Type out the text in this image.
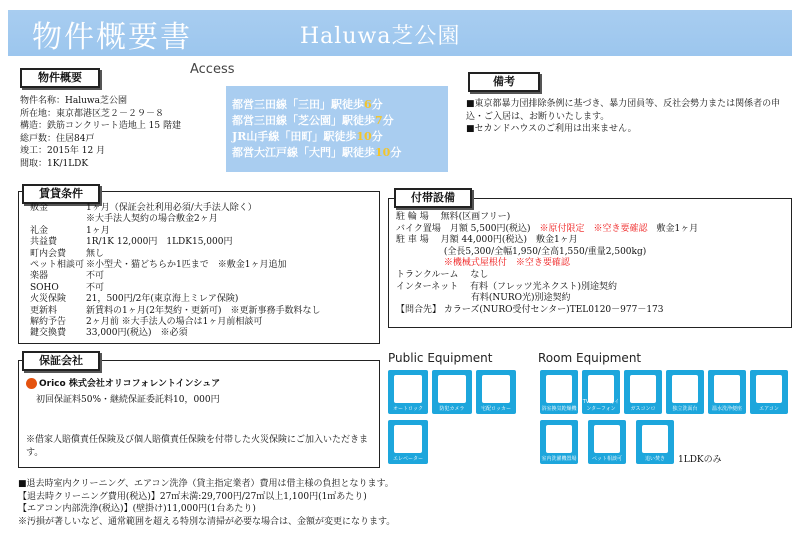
物件概要書	Haluwa芝公園
物件概要
物件名称：Haluwa芝公園
所在地：東京都港区芝２－２９－８
構造：鉄筋コンクリート造地上 15 階建
総戸数：住居84戸
竣工：2015年 12 月
間取：1K/1LDK
Access
都営三田線「三田」駅徒歩6分
都営三田線「芝公園」駅徒歩7分
JR山手線「田町」駅徒歩10分
都営大江戸線「大門」駅徒歩10分
備考
■東京都暴力団排除条例に基づき、暴力団員等、反社会勢力または関係者の申込・ご入居は、お断りいたします。
■セカンドハウスのご利用は出来ません。
賃貸条件
敷金	1ヶ月（保証会社利用必須/大手法人除く）
※大手法人契約の場合敷金2ヶ月
礼金	1ヶ月
共益費	1R/1K 12,000円　1LDK15,000円
町内会費	無し
ペット相談可 ※小型犬・猫どちらか1匹まで　※敷金1ヶ月追加
楽器	不可
SOHO	不可
火災保険	21，500円/2年(東京海上ミレア保険)
更新料	新賃料の1ヶ月(2年契約・更新可)　※更新事務手数料なし
解約予告	2ヶ月前 ※大手法人の場合は1ヶ月前相談可
鍵交換費	33,000円(税込)　※必須
付帯設備
駐 輪 場　 無料(区画フリー)
バイク置場　月額 5,500円(税込)　※原付限定　※空き要確認　敷金1ヶ月
駐 車 場　 月額 44,000円(税込)　敷金1ヶ月
　　　　　 (全長5,300/全幅1,950/全高1,550/重量2,500kg)
　　　　　 ※機械式屋根付　※空き要確認
トランクルーム　 なし
インターネット　 有料（フレッツ光ネクスト)別途契約
　　　　　　　　 有料(NURO光)別途契約
【問合先】 カラーズ(NURO受付センター)TEL0120－977－173
保証会社
Orico 株式会社オリコフォレントインシュア
初回保証料50%・継続保証委託料10，000円
※借家人賠償責任保険及び個人賠償責任保険を付帯した火災保険にご加入いただきます。
Public Equipment
オートロック	防犯カメラ	宅配ロッカー
エレベーター
Room Equipment
浴室換気乾燥機
TVモニター付インターフォン	ガスコンロ	独立洗面台	温水洗浄便座	エアコン
室内洗濯機置場	ペット相談可	追い焚き	1LDKのみ
■退去時室内クリーニング、エアコン洗浄（貸主指定業者）費用は借主様の負担となります。
【退去時クリーニング費用(税込)】27㎡未満:29,700円/27㎡以上1,100円(1㎡あたり)
【エアコン内部洗浄(税込)】(壁掛け)11,000円(1台あたり)
※汚損が著しいなど、通常範囲を超える特別な清掃が必要な場合は、金額が変更になります。
